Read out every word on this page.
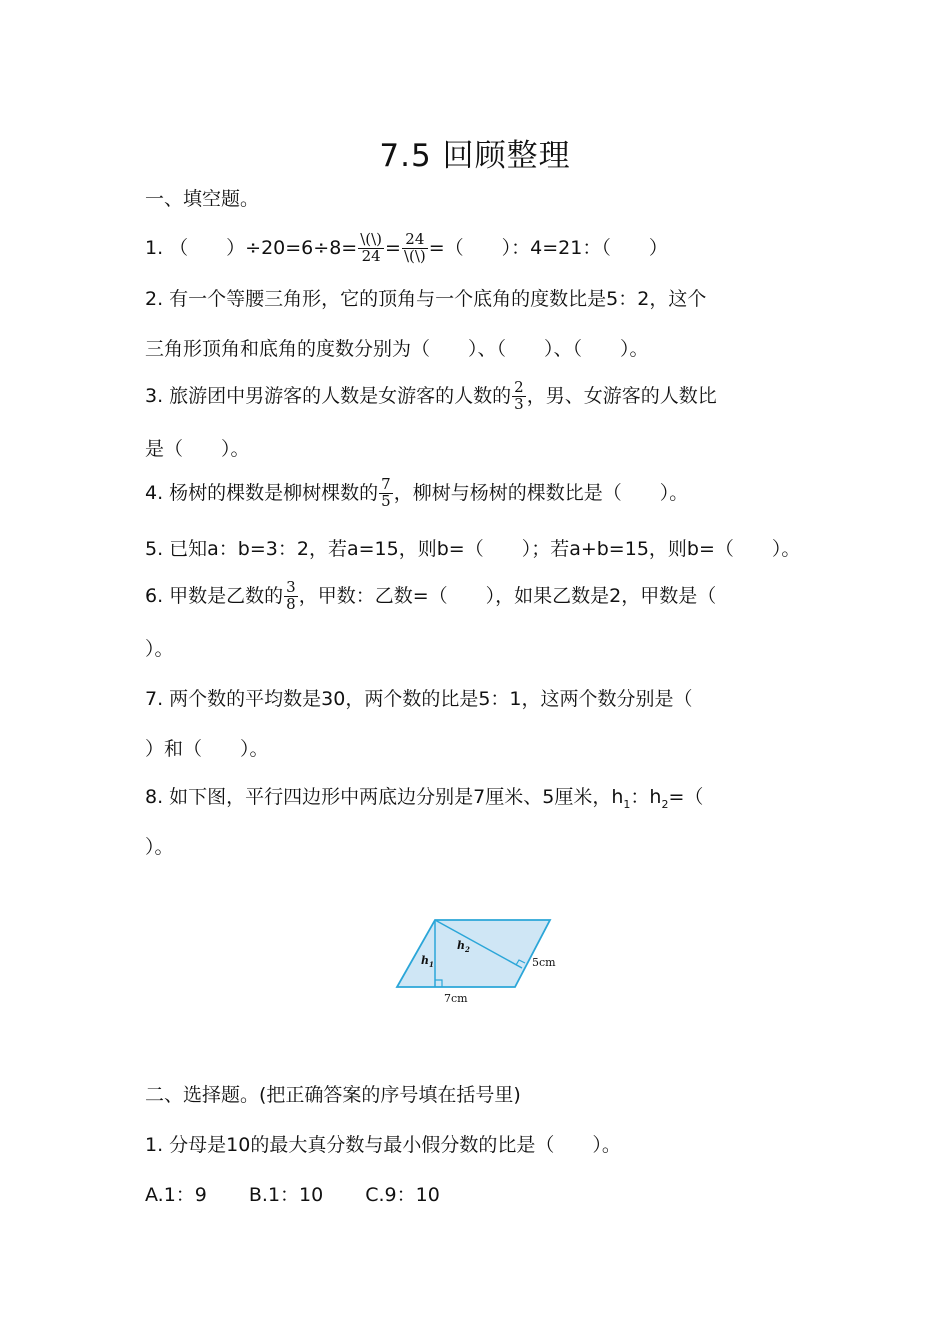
7.5 回顾整理
一、填空题。
1. （　　）$\div 20=6\div 8= \frac{\backslash(\backslash)}{24} = \frac{24}{\backslash(\backslash)}$ =（　　）：4=21：（　　）
2. 有一个等腰三角形，它的顶角与一个底角的度数比是5：2，这个
三角形顶角和底角的度数分别为（　　）、（　　）、（　　）。
3. 旅游团中男游客的人数是女游客的人数的 $\frac{2}{3}$ ，男、女游客的人数比
是（　　）。
4. 杨树的棵数是柳树棵数的 $\frac{7}{5}$ ，柳树与杨树的棵数比是（　　）。
5. 已知a：b=3：2，若a=15，则b=（　　）；若a+b=15，则b=（　　）。
6. 甲数是乙数的 $\frac{3}{8}$ ，甲数：乙数=（　　），如果乙数是2，甲数是（
）。
7. 两个数的平均数是30，两个数的比是5：1，这两个数分别是（
）和（　　）。
8. 如下图，平行四边形中两底边分别是7厘米、5厘米，$h_1$：$h_2=$（
）。
$h_1$
$h_2$
5cm
7cm
二、选择题。(把正确答案的序号填在括号里)
1. 分母是10的最大真分数与最小假分数的比是（　　）。
A.1：9 B.1：10 C.9：10
